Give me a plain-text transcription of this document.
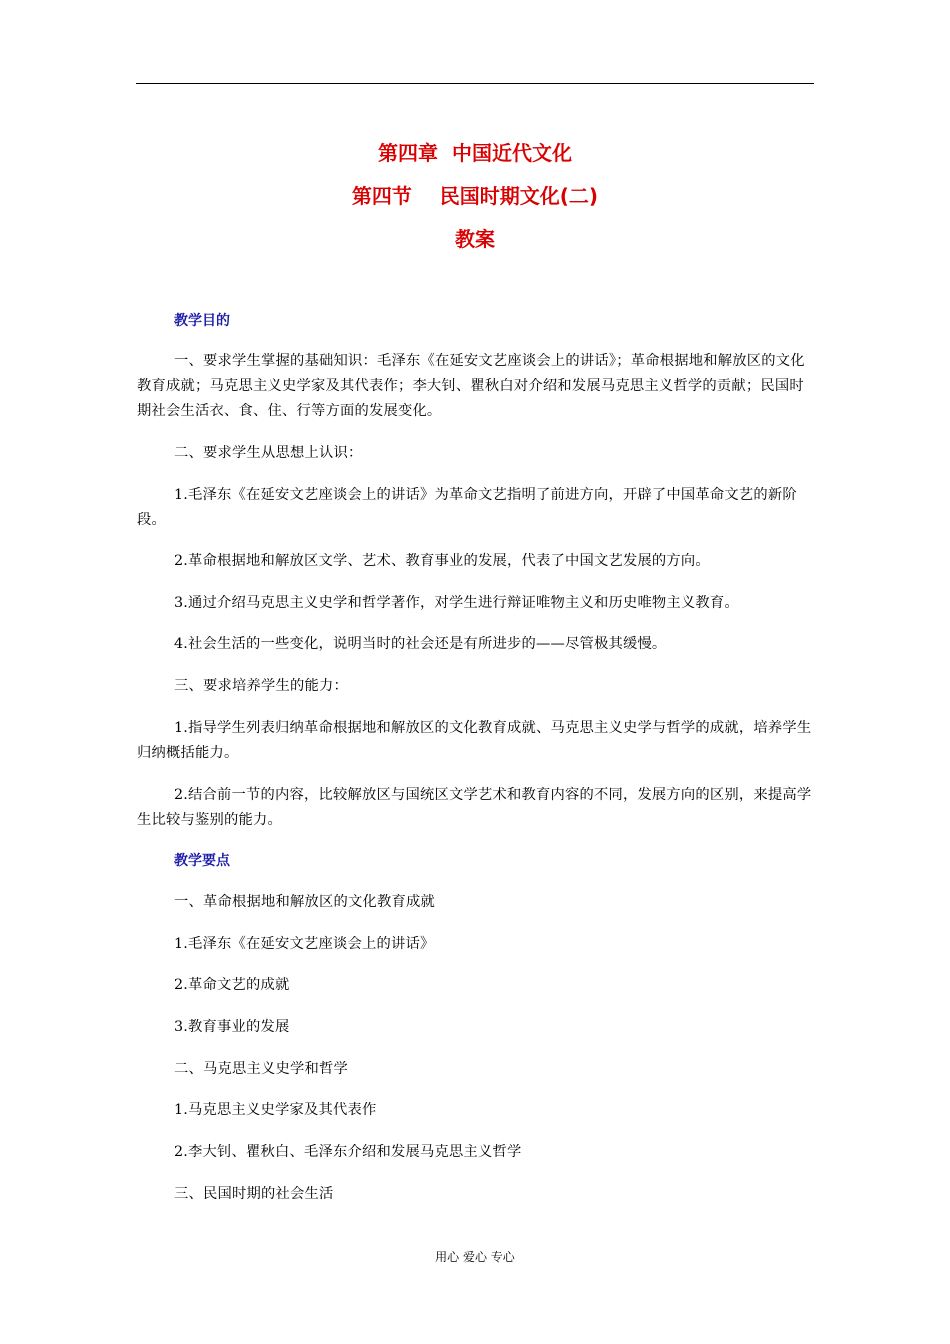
第四章  中国近代文化
第四节    民国时期文化(二)
教案
教学目的
一、要求学生掌握的基础知识：毛泽东《在延安文艺座谈会上的讲话》；革命根据地和解放区的文化教育成就；马克思主义史学家及其代表作；李大钊、瞿秋白对介绍和发展马克思主义哲学的贡献；民国时期社会生活衣、食、住、行等方面的发展变化。
二、要求学生从思想上认识：
1.毛泽东《在延安文艺座谈会上的讲话》为革命文艺指明了前进方向，开辟了中国革命文艺的新阶段。
2.革命根据地和解放区文学、艺术、教育事业的发展，代表了中国文艺发展的方向。
3.通过介绍马克思主义史学和哲学著作，对学生进行辩证唯物主义和历史唯物主义教育。
4.社会生活的一些变化，说明当时的社会还是有所进步的——尽管极其缓慢。
三、要求培养学生的能力：
1.指导学生列表归纳革命根据地和解放区的文化教育成就、马克思主义史学与哲学的成就，培养学生归纳概括能力。
2.结合前一节的内容，比较解放区与国统区文学艺术和教育内容的不同，发展方向的区别，来提高学生比较与鉴别的能力。
教学要点
一、革命根据地和解放区的文化教育成就
1.毛泽东《在延安文艺座谈会上的讲话》
2.革命文艺的成就
3.教育事业的发展
二、马克思主义史学和哲学
1.马克思主义史学家及其代表作
2.李大钊、瞿秋白、毛泽东介绍和发展马克思主义哲学
三、民国时期的社会生活
用心 爱心 专心
